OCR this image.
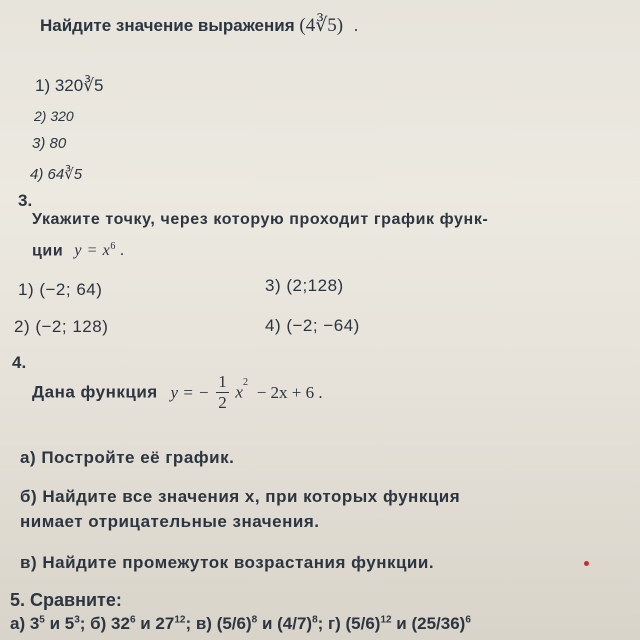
Найдите значение выражения (4∛5) .
1) 320∛5
2) 320
3) 80
4) 64∛5
3.
Укажите точку, через которую проходит график функ-
ции $y = x^6$ .
1) (−2; 64)	3) (2;128)
2) (−2; 128)	4) (−2; −64)
4.
Дана функция y = − $\frac{1}{2} x^2 - 2x + 6$ .
а) Постройте её график.
б) Найдите все значения x, при которых функция
нимает отрицательные значения.
в) Найдите промежуток возрастания функции.
5. Сравните:
а) $3^5$ и $5^3$; б) $32^6$ и $27^{12}$; в) $(5/6)^8$ и $(4/7)^8$; г) $(5/6)^{12}$ и $(25/36)^6$
